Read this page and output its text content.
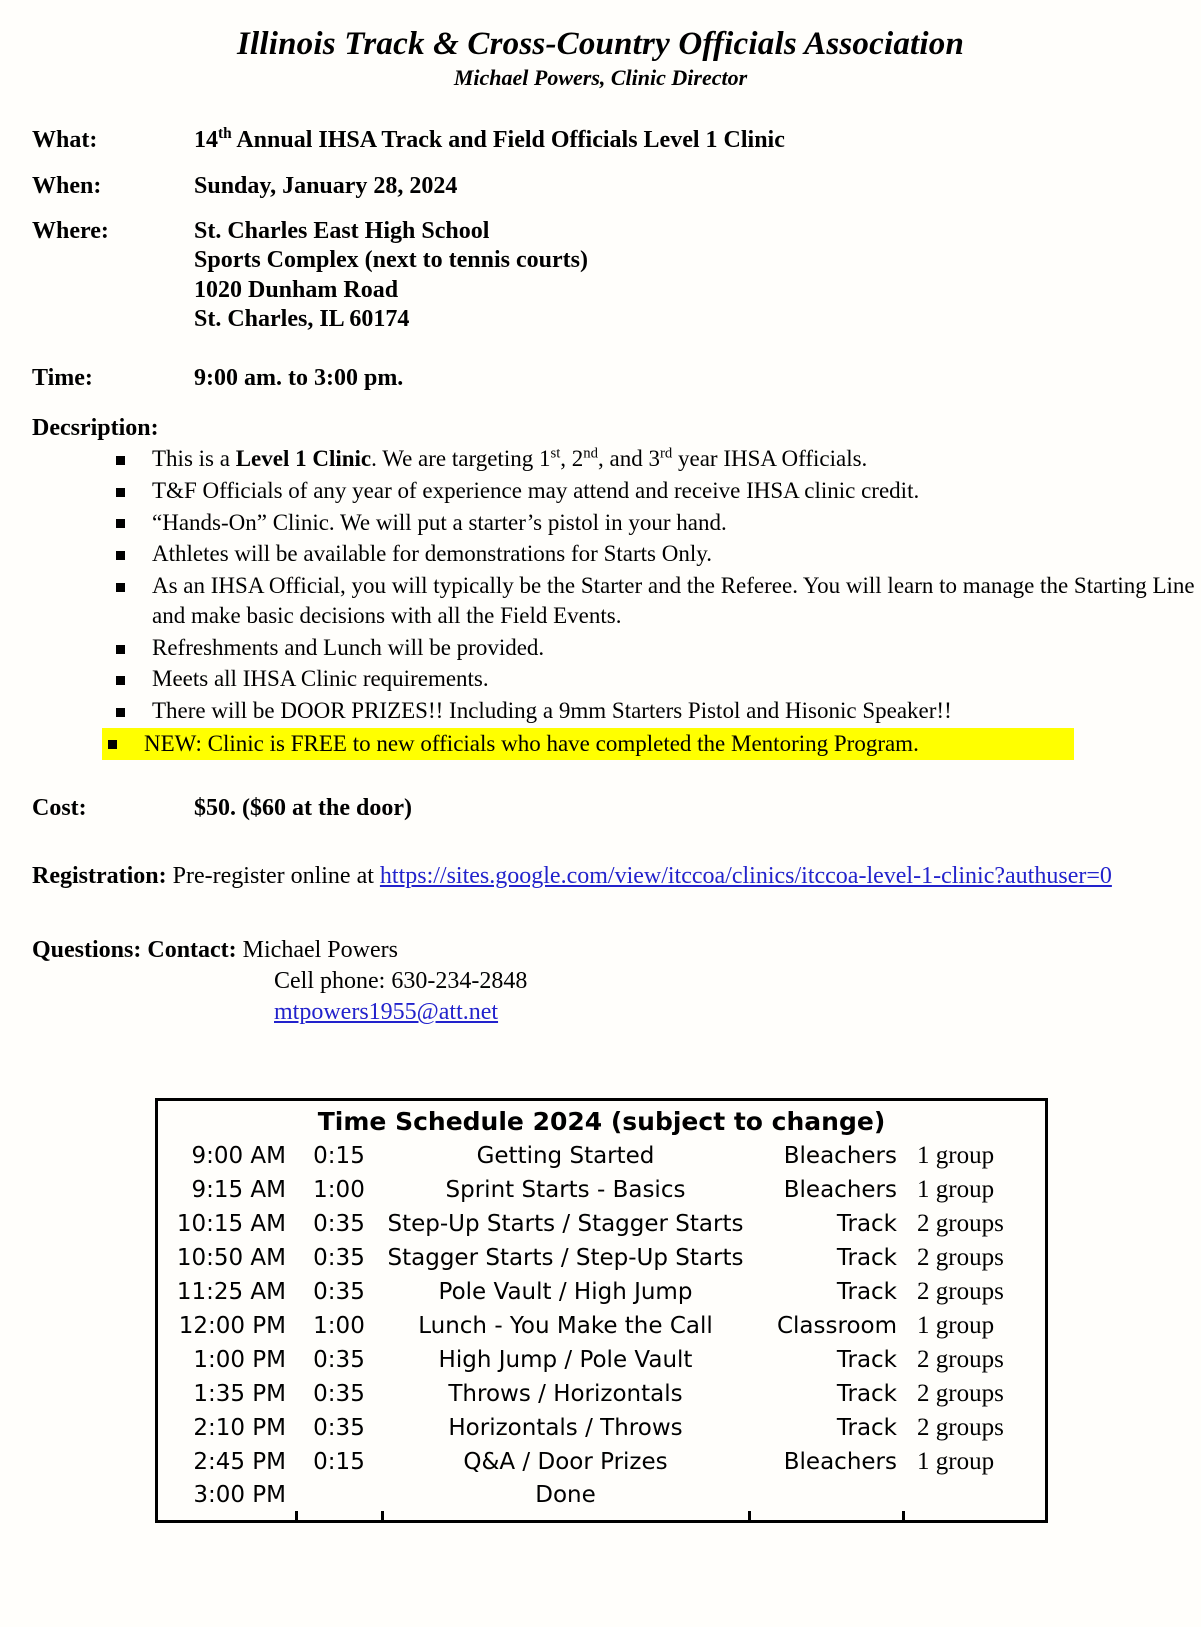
Illinois Track & Cross-Country Officials Association
Michael Powers, Clinic Director
What:	14th Annual IHSA Track and Field Officials Level 1 Clinic
When:	Sunday, January 28, 2024
Where:	St. Charles East High School
Sports Complex (next to tennis courts)
1020 Dunham Road
St. Charles, IL 60174
Time:	9:00 am. to 3:00 pm.
Decsription:
This is a Level 1 Clinic. We are targeting 1st, 2nd, and 3rd year IHSA Officials.
T&F Officials of any year of experience may attend and receive IHSA clinic credit.
“Hands-On” Clinic. We will put a starter’s pistol in your hand.
Athletes will be available for demonstrations for Starts Only.
As an IHSA Official, you will typically be the Starter and the Referee. You will learn to manage the Starting Line and make basic decisions with all the Field Events.
Refreshments and Lunch will be provided.
Meets all IHSA Clinic requirements.
There will be DOOR PRIZES!! Including a 9mm Starters Pistol and Hisonic Speaker!!
NEW: Clinic is FREE to new officials who have completed the Mentoring Program.
Cost:	$50. ($60 at the door)
Registration: Pre-register online at https://sites.google.com/view/itccoa/clinics/itccoa-level-1-clinic?authuser=0
Questions: Contact: Michael Powers
Cell phone: 630-234-2848
mtpowers1955@att.net
Time Schedule 2024 (subject to change)				
9:00 AM	0:15	Getting Started	Bleachers	1 group
9:15 AM	1:00	Sprint Starts - Basics	Bleachers	1 group
10:15 AM	0:35	Step-Up Starts / Stagger Starts	Track	2 groups
10:50 AM	0:35	Stagger Starts / Step-Up Starts	Track	2 groups
11:25 AM	0:35	Pole Vault / High Jump	Track	2 groups
12:00 PM	1:00	Lunch - You Make the Call	Classroom	1 group
1:00 PM	0:35	High Jump / Pole Vault	Track	2 groups
1:35 PM	0:35	Throws / Horizontals	Track	2 groups
2:10 PM	0:35	Horizontals / Throws	Track	2 groups
2:45 PM	0:15	Q&A / Door Prizes	Bleachers	1 group
3:00 PM		Done		
